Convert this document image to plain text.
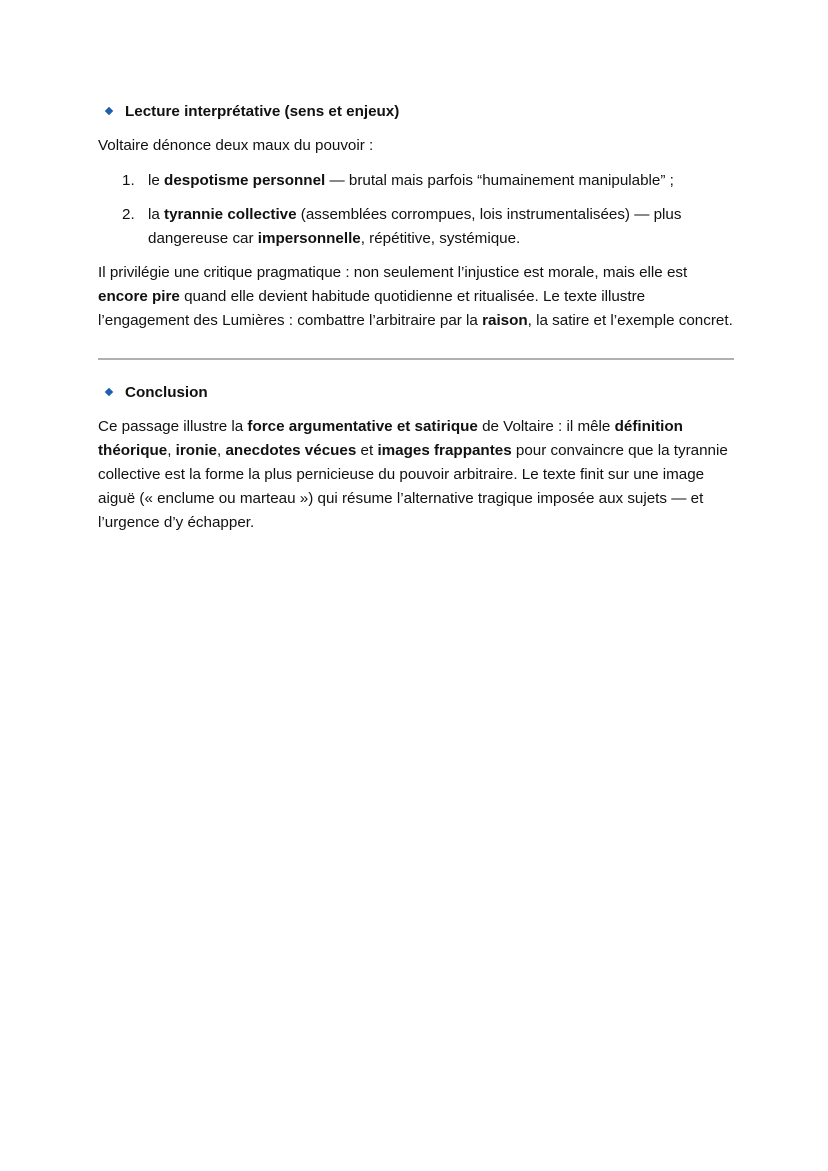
Lecture interprétative (sens et enjeux)

Voltaire dénonce deux maux du pouvoir :

1. le despotisme personnel — brutal mais parfois “humainement manipulable” ;
2. la tyrannie collective (assemblées corrompues, lois instrumentalisées) — plus dangereuse car impersonnelle, répétitive, systémique.

Il privilégie une critique pragmatique : non seulement l’injustice est morale, mais elle est encore pire quand elle devient habitude quotidienne et ritualisée. Le texte illustre l’engagement des Lumières : combattre l’arbitraire par la raison, la satire et l’exemple concret.

Conclusion

Ce passage illustre la force argumentative et satirique de Voltaire : il mêle définition théorique, ironie, anecdotes vécues et images frappantes pour convaincre que la tyrannie collective est la forme la plus pernicieuse du pouvoir arbitraire. Le texte finit sur une image aiguë (« enclume ou marteau ») qui résume l’alternative tragique imposée aux sujets — et l’urgence d’y échapper.
